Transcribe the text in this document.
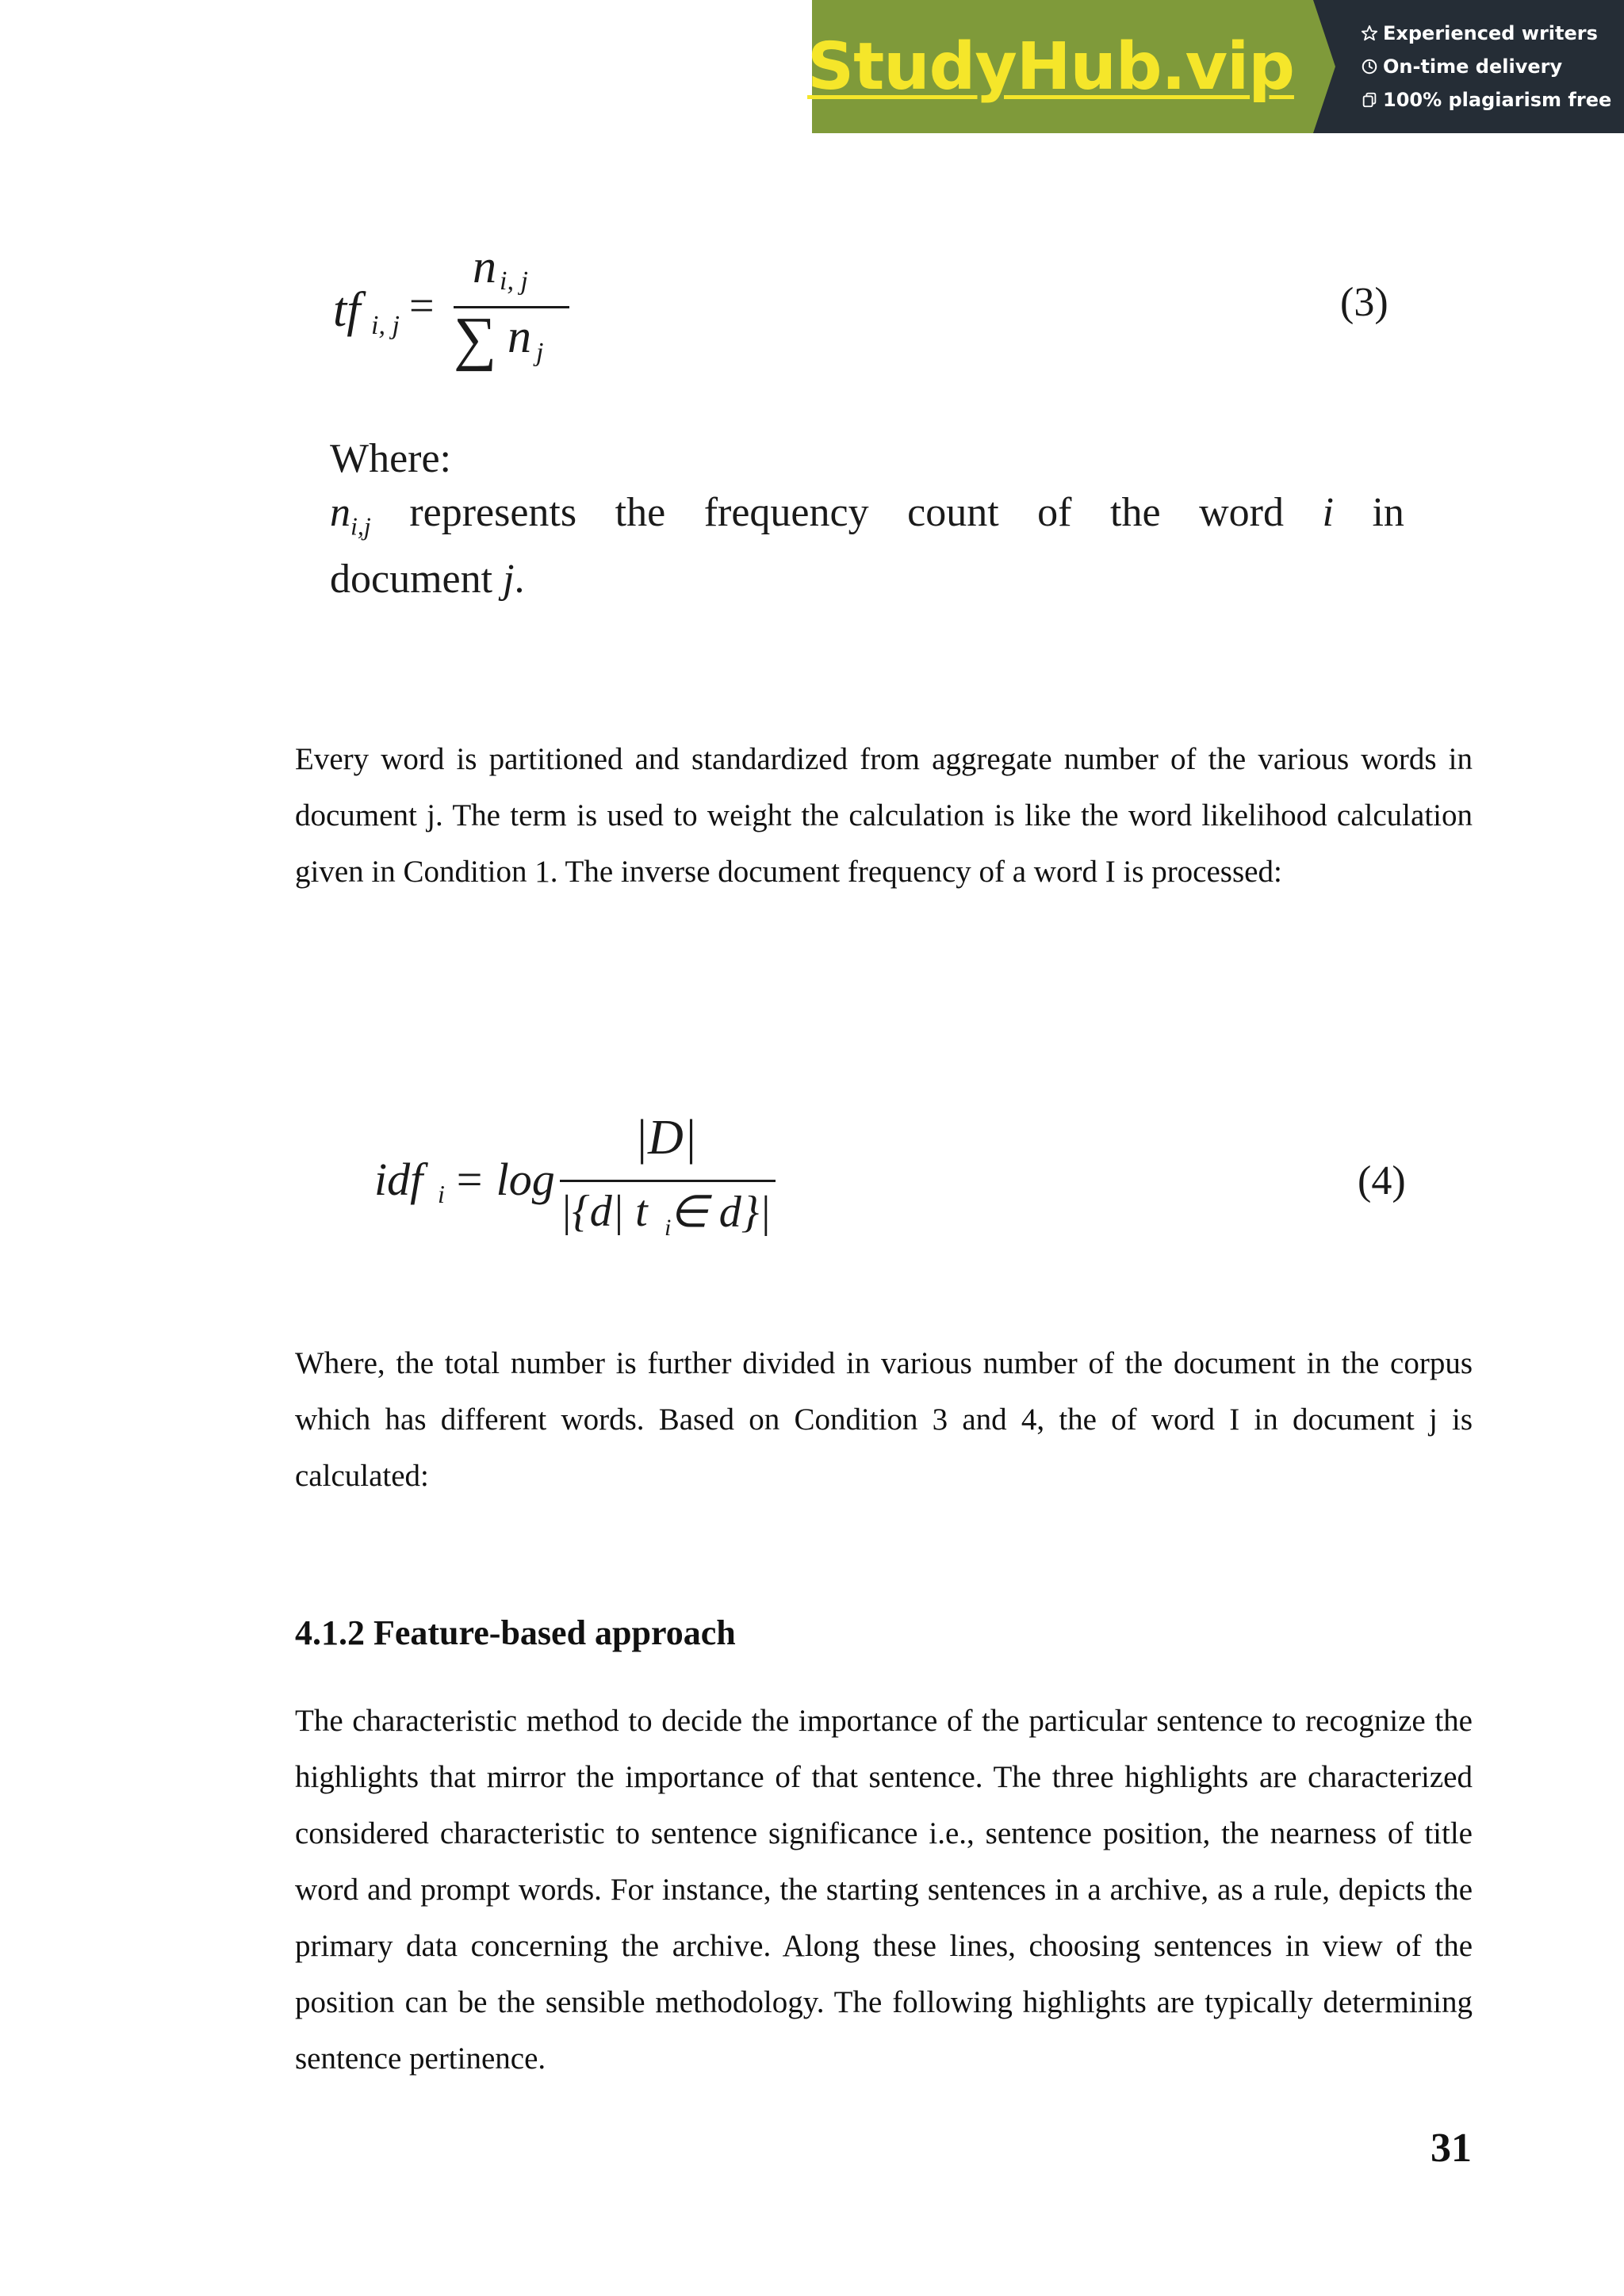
StudyHub.vip	Experienced writers
On-time delivery
100% plagiarism free
tf i, j =
n i, j
∑ n j
(3)
Where:
$n_{i,j}$ represents the frequency count of the word i in
document j.

Every word is partitioned and standardized from aggregate number of the various words in document j. The term is used to weight the calculation is like the word likelihood calculation given in Condition 1. The inverse document frequency of a word I is processed:

idf i = log
|D|
|{d| t i
∈ d}|
(4)

Where, the total number is further divided in various number of the document in the corpus which has different words. Based on Condition 3 and 4, the of word I in document j is calculated:

4.1.2 Feature-based approach

The characteristic method to decide the importance of the particular sentence to recognize the highlights that mirror the importance of that sentence. The three highlights are characterized considered characteristic to sentence significance i.e., sentence position, the nearness of title word and prompt words. For instance, the starting sentences in a archive, as a rule, depicts the primary data concerning the archive. Along these lines, choosing sentences in view of the position can be the sensible methodology. The following highlights are typically determining sentence pertinence.

31
